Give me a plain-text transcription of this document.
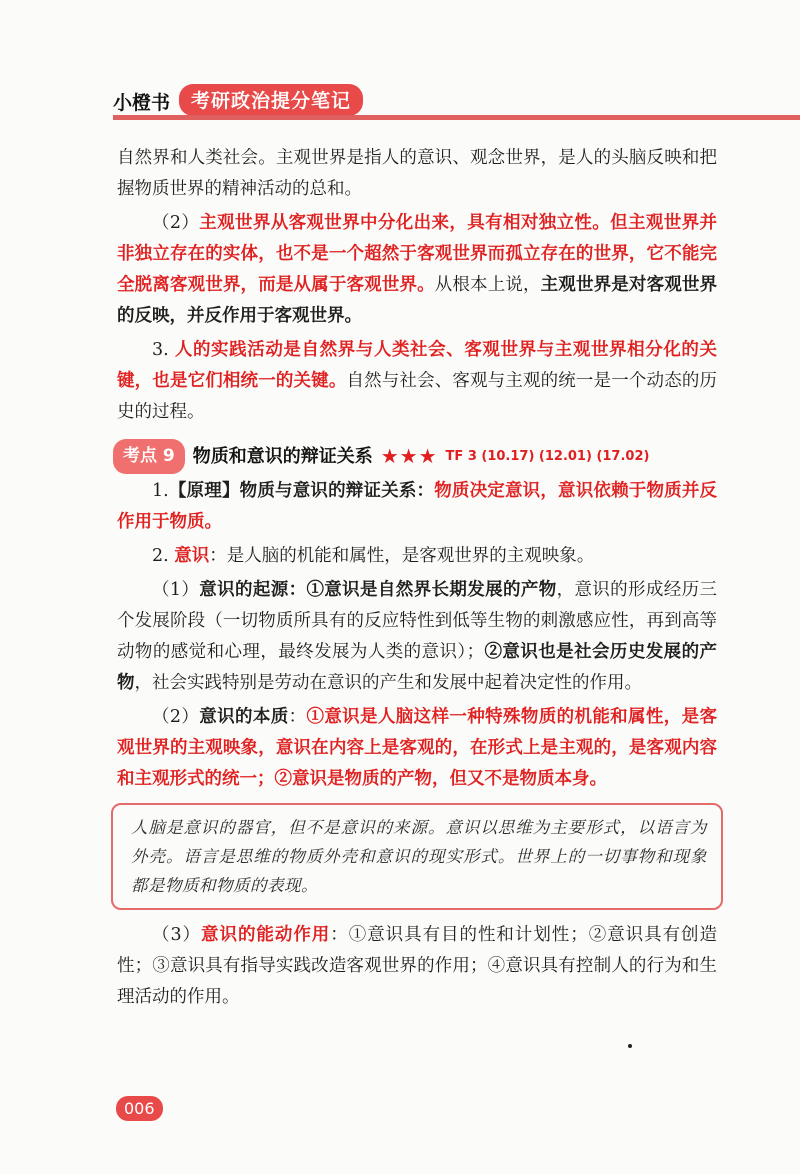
小橙书	考研政治提分笔记

自然界和人类社会。主观世界是指人的意识、观念世界，是人的头脑反映和把握物质世界的精神活动的总和。

（2）主观世界从客观世界中分化出来，具有相对独立性。但主观世界并非独立存在的实体，也不是一个超然于客观世界而孤立存在的世界，它不能完全脱离客观世界，而是从属于客观世界。从根本上说，主观世界是对客观世界的反映，并反作用于客观世界。

3. 人的实践活动是自然界与人类社会、客观世界与主观世界相分化的关键，也是它们相统一的关键。自然与社会、客观与主观的统一是一个动态的历史的过程。

考点 9	物质和意识的辩证关系 ★★★ TF 3 (10.17) (12.01) (17.02)

1.【原理】物质与意识的辩证关系：物质决定意识，意识依赖于物质并反作用于物质。

2. 意识：是人脑的机能和属性，是客观世界的主观映象。

（1）意识的起源：①意识是自然界长期发展的产物，意识的形成经历三个发展阶段（一切物质所具有的反应特性到低等生物的刺激感应性，再到高等动物的感觉和心理，最终发展为人类的意识）；②意识也是社会历史发展的产物，社会实践特别是劳动在意识的产生和发展中起着决定性的作用。

（2）意识的本质：①意识是人脑这样一种特殊物质的机能和属性，是客观世界的主观映象，意识在内容上是客观的，在形式上是主观的，是客观内容和主观形式的统一；②意识是物质的产物，但又不是物质本身。

人脑是意识的器官，但不是意识的来源。意识以思维为主要形式，以语言为外壳。语言是思维的物质外壳和意识的现实形式。世界上的一切事物和现象都是物质和物质的表现。

（3）意识的能动作用：①意识具有目的性和计划性；②意识具有创造性；③意识具有指导实践改造客观世界的作用；④意识具有控制人的行为和生理活动的作用。

006
